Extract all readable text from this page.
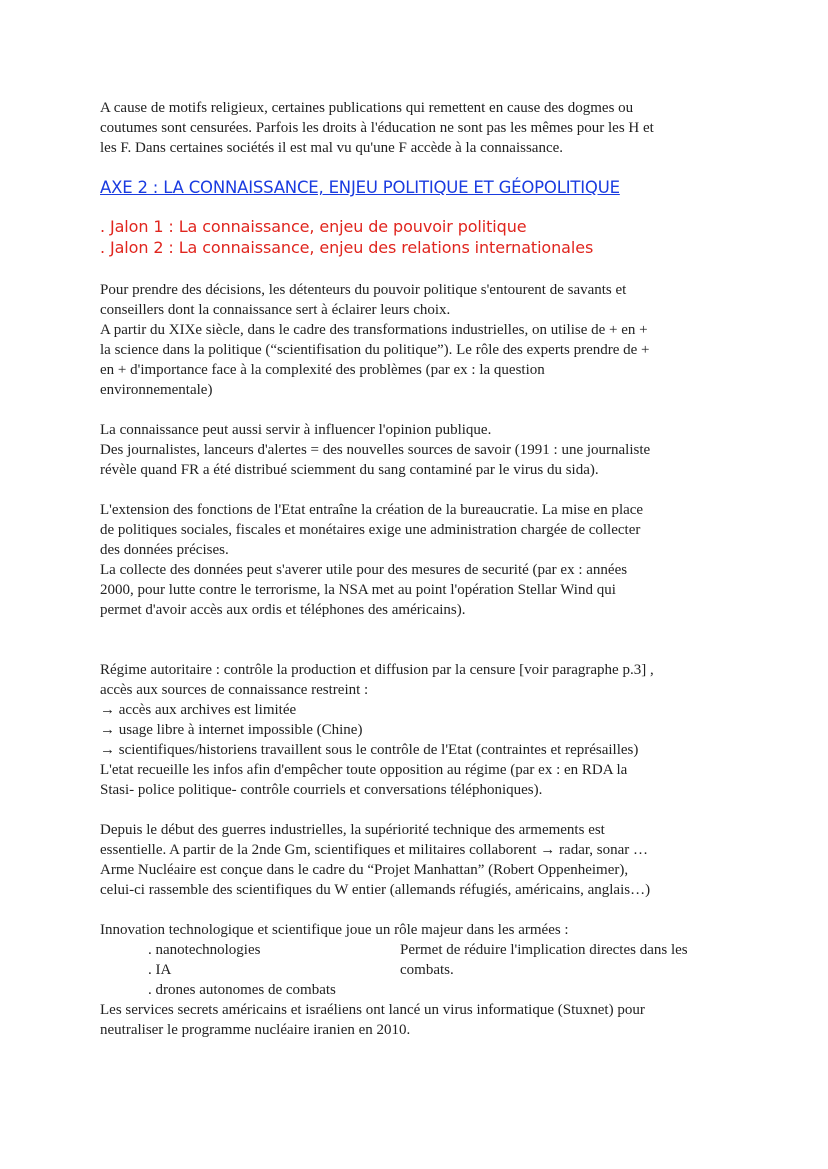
A cause de motifs religieux, certaines publications qui remettent en cause des dogmes ou

coutumes sont censurées. Parfois les droits à l'éducation ne sont pas les mêmes pour les H et

les F. Dans certaines sociétés il est mal vu qu'une F accède à la connaissance.

AXE 2 : LA CONNAISSANCE, ENJEU POLITIQUE ET GÉOPOLITIQUE
. Jalon 1 : La connaissance, enjeu de pouvoir politique
. Jalon 2 : La connaissance, enjeu des relations internationales

Pour prendre des décisions, les détenteurs du pouvoir politique s'entourent de savants et

conseillers dont la connaissance sert à éclairer leurs choix.

A partir du XIXe siècle, dans le cadre des transformations industrielles, on utilise de + en +

la science dans la politique (“scientifisation du politique”). Le rôle des experts prendre de +

en + d'importance face à la complexité des problèmes (par ex : la question

environnementale)

La connaissance peut aussi servir à influencer l'opinion publique.

Des journalistes, lanceurs d'alertes = des nouvelles sources de savoir (1991 : une journaliste

révèle quand FR a été distribué sciemment du sang contaminé par le virus du sida).

L'extension des fonctions de l'Etat entraîne la création de la bureaucratie. La mise en place

de politiques sociales, fiscales et monétaires exige une administration chargée de collecter

des données précises.

La collecte des données peut s'averer utile pour des mesures de securité (par ex : années

2000, pour lutte contre le terrorisme, la NSA met au point l'opération Stellar Wind qui

permet d'avoir accès aux ordis et téléphones des américains).

Régime autoritaire : contrôle la production et diffusion par la censure [voir paragraphe p.3] ,

accès aux sources de connaissance restreint :

→ accès aux archives est limitée

→ usage libre à internet impossible (Chine)

→ scientifiques/historiens travaillent sous le contrôle de l'Etat (contraintes et représailles)

L'etat recueille les infos afin d'empêcher toute opposition au régime (par ex : en RDA la

Stasi- police politique- contrôle courriels et conversations téléphoniques).

Depuis le début des guerres industrielles, la supériorité technique des armements est

essentielle. A partir de la 2nde Gm, scientifiques et militaires collaborent → radar, sonar …

Arme Nucléaire est conçue dans le cadre du “Projet Manhattan” (Robert Oppenheimer),

celui-ci rassemble des scientifiques du W entier (allemands réfugiés, américains, anglais…)

Innovation technologique et scientifique joue un rôle majeur dans les armées :

. nanotechnologies	Permet de réduire l'implication directes dans les
combats.
. IA
. drones autonomes de combats

Les services secrets américains et israéliens ont lancé un virus informatique (Stuxnet) pour

neutraliser le programme nucléaire iranien en 2010.
